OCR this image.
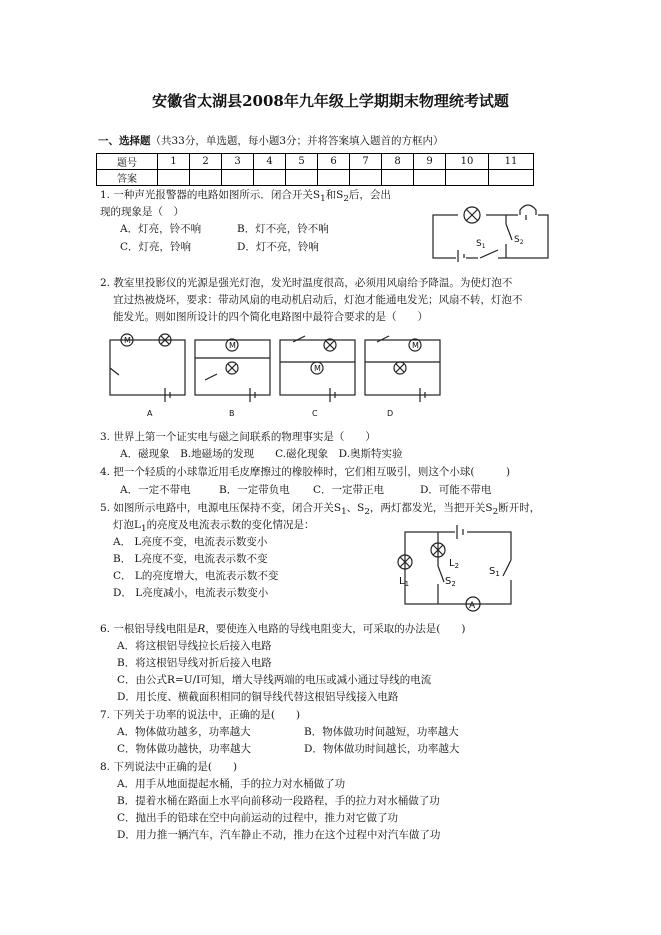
安徽省太湖县2008年九年级上学期期末物理统考试题
一、选择题（共33分，单选题，每小题3分；并将答案填入题首的方框内）
题号	1	2	3	4	5	6	7	8	9	10	11
答案											
1. 一种声光报警器的电路如图所示．闭合开关$S_1$和$S_2$后，会出
现的现象是（　）
A．灯亮，铃不响	B．灯不亮，铃不响
C．灯亮，铃响	D．灯不亮，铃响	$S_1$
$S_2$
2. 教室里投影仪的光源是强光灯泡，发光时温度很高，必须用风扇给予降温。为使灯泡不
宜过热被烧坏，要求：带动风扇的电动机启动后，灯泡才能通电发光；风扇不转，灯泡不
能发光。则如图所设计的四个简化电路图中最符合要求的是（　　）
M
A
M
B
M
C
M
D
3. 世界上第一个证实电与磁之间联系的物理事实是（　　）
A．磁现象　B.地磁场的发现　　C.磁化现象　D.奥斯特实验
4. 把一个轻质的小球靠近用毛皮摩擦过的橡胶棒时，它们相互吸引，则这个小球(　　　)
A．一定不带电	B．一定带负电 C．一定带正电	D．可能不带电
5. 如图所示电路中，电源电压保持不变，闭合开关$S_1$、$S_2$，两灯都发光，当把开关$S_2$断开时，
灯泡$L_1$的亮度及电流表示数的变化情况是：
A． L亮度不变，电流表示数变小
B． L亮度不变，电流表示数不变
C． L的亮度增大，电流表示数不变
D． L亮度减小，电流表示数变小
$L_1$
$L_2$
$S_2$
$S_1$
A
6. 一根铝导线电阻是R，要使连入电路的导线电阻变大，可采取的办法是(　　)
A．将这根铝导线拉长后接入电路
B．将这根铝导线对折后接入电路
C．由公式R=U/I可知，增大导线两端的电压或减小通过导线的电流
D．用长度、横截面积相同的铜导线代替这根铝导线接入电路
7. 下列关于功率的说法中，正确的是(　　)
A．物体做功越多，功率越大	B．物体做功时间越短，功率越大
C．物体做功越快，功率越大	D．物体做功时间越长，功率越大
8. 下列说法中正确的是(　　)
A．用手从地面提起水桶，手的拉力对水桶做了功
B．提着水桶在路面上水平向前移动一段路程，手的拉力对水桶做了功
C．抛出手的铅球在空中向前运动的过程中，推力对它做了功
D．用力推一辆汽车，汽车静止不动，推力在这个过程中对汽车做了功
